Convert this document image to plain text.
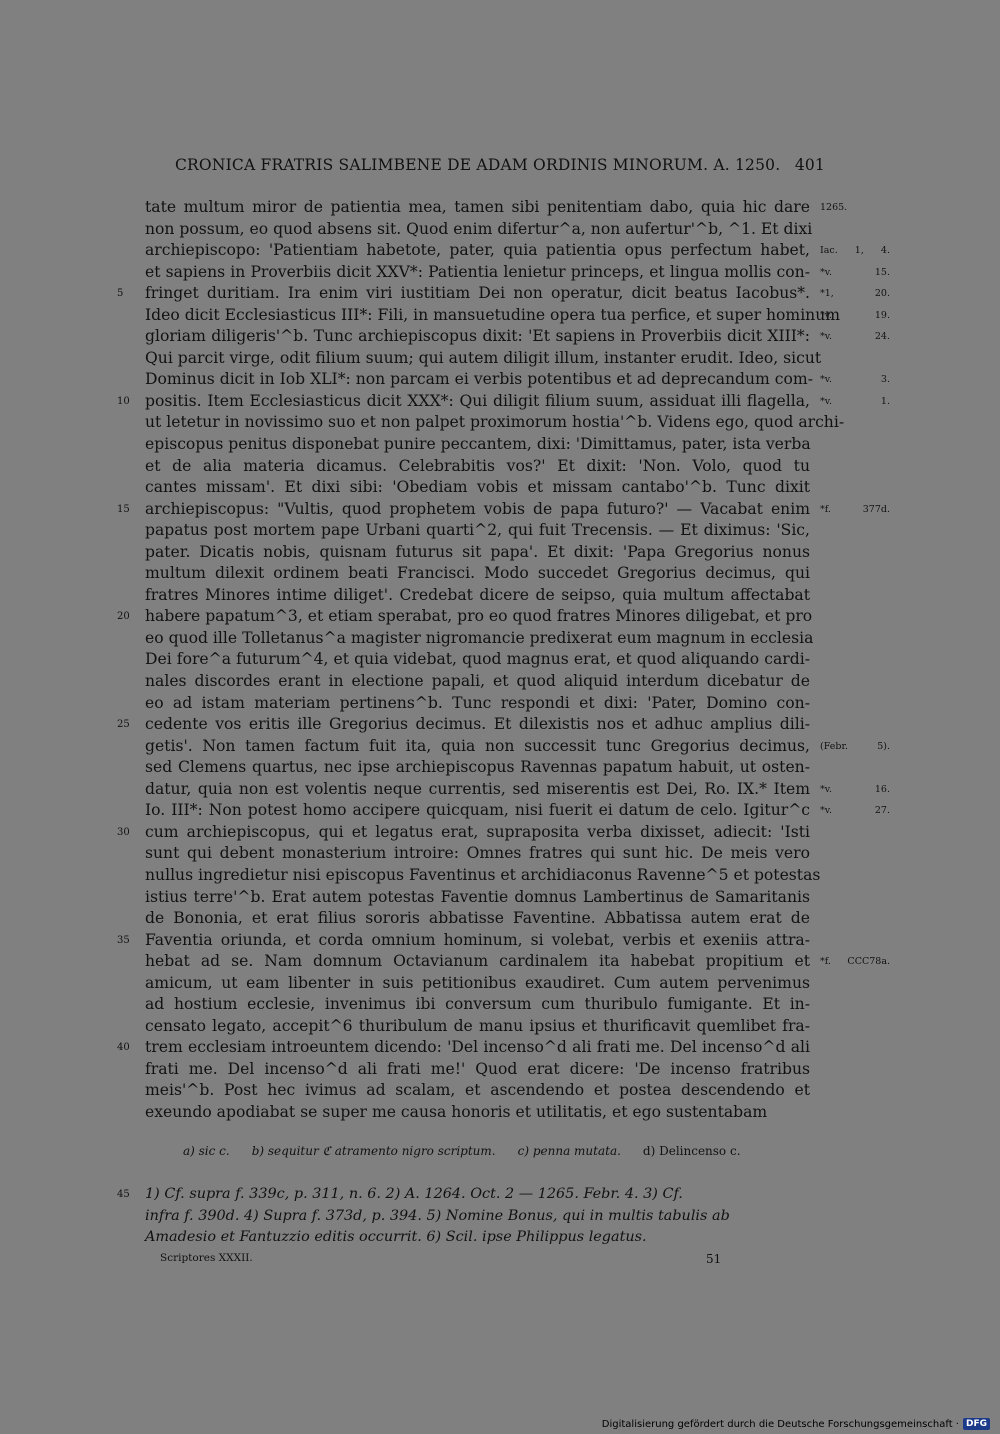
CRONICA FRATRIS SALIMBENE DE ADAM ORDINIS MINORUM. A. 1250. 401
tate multum miror de patientia mea, tamen sibi penitentiam dabo, quia hic dare 1265.
non possum, eo quod absens sit. Quod enim difertur^a, non aufertur'^b, ^1. Et dixi
archiepiscopo: 'Patientiam habetote, pater, quia patientia opus perfectum habet, Iac. 1, 4.
et sapiens in Proverbiis dicit XXV*: Patientia lenietur princeps, et lingua mollis con- *v. 15.
5	fringet duritiam. Ira enim viri iustitiam Dei non operatur, dicit beatus Iacobus*. *1, 20.
Ideo dicit Ecclesiasticus III*: Fili, in mansuetudine opera tua perfice, et super hominum
*v. 19.
gloriam diligeris'^b. Tunc archiepiscopus dixit: 'Et sapiens in Proverbiis dicit XIII*: *v. 24.
Qui parcit virge, odit filium suum; qui autem diligit illum, instanter erudit. Ideo, sicut
Dominus dicit in Iob XLI*: non parcam ei verbis potentibus et ad deprecandum com- *v. 3.
10 positis. Item Ecclesiasticus dicit XXX*: Qui diligit filium suum, assiduat illi flagella, *v. 1.
ut letetur in novissimo suo et non palpet proximorum hostia'^b. Videns ego, quod archi-
episcopus penitus disponebat punire peccantem, dixi: 'Dimittamus, pater, ista verba
et de alia materia dicamus. Celebrabitis vos?' Et dixit: 'Non. Volo, quod tu
cantes missam'. Et dixi sibi: 'Obediam vobis et missam cantabo'^b. Tunc dixit
15 archiepiscopus: "Vultis, quod prophetem vobis de papa futuro?' — Vacabat enim *f. 377d.
papatus post mortem pape Urbani quarti^2, qui fuit Trecensis. — Et diximus: 'Sic,
pater. Dicatis nobis, quisnam futurus sit papa'. Et dixit: 'Papa Gregorius nonus
multum dilexit ordinem beati Francisci. Modo succedet Gregorius decimus, qui
fratres Minores intime diliget'. Credebat dicere de seipso, quia multum affectabat
20 habere papatum^3, et etiam sperabat, pro eo quod fratres Minores diligebat, et pro
eo quod ille Tolletanus^a magister nigromancie predixerat eum magnum in ecclesia
Dei fore^a futurum^4, et quia videbat, quod magnus erat, et quod aliquando cardi-
nales discordes erant in electione papali, et quod aliquid interdum dicebatur de
eo ad istam materiam pertinens^b. Tunc respondi et dixi: 'Pater, Domino con-
25 cedente vos eritis ille Gregorius decimus. Et dilexistis nos et adhuc amplius dili-
getis'. Non tamen factum fuit ita, quia non successit tunc Gregorius decimus, (Febr. 5).
sed Clemens quartus, nec ipse archiepiscopus Ravennas papatum habuit, ut osten-
datur, quia non est volentis neque currentis, sed miserentis est Dei, Ro. IX.* Item *v. 16.
Io. III*: Non potest homo accipere quicquam, nisi fuerit ei datum de celo. Igitur^c *v. 27.
30 cum archiepiscopus, qui et legatus erat, supraposita verba dixisset, adiecit: 'Isti
sunt qui debent monasterium introire: Omnes fratres qui sunt hic. De meis vero
nullus ingredietur nisi episcopus Faventinus et archidiaconus Ravenne^5 et potestas
istius terre'^b. Erat autem potestas Faventie domnus Lambertinus de Samaritanis
de Bononia, et erat filius sororis abbatisse Faventine. Abbatissa autem erat de
35 Faventia oriunda, et corda omnium hominum, si volebat, verbis et exeniis attra-
hebat ad se. Nam domnum Octavianum cardinalem ita habebat propitium et *f. CCC78a.
amicum, ut eam libenter in suis petitionibus exaudiret. Cum autem pervenimus
ad hostium ecclesie, invenimus ibi conversum cum thuribulo fumigante. Et in-
censato legato, accepit^6 thuribulum de manu ipsius et thurificavit quemlibet fra-
40 trem ecclesiam introeuntem dicendo: 'Del incenso^d ali frati me. Del incenso^d ali
frati me. Del incenso^d ali frati me!' Quod erat dicere: 'De incenso fratribus
meis'^b. Post hec ivimus ad scalam, et ascendendo et postea descendendo et
exeundo apodiabat se super me causa honoris et utilitatis, et ego sustentabam
a) sic c. b) sequitur ℭ atramento nigro scriptum. c) penna mutata. d) Delincenso c.
45	1) Cf. supra f. 339c, p. 311, n. 6. 2) A. 1264. Oct. 2 — 1265. Febr. 4. 3) Cf.
infra f. 390d. 4) Supra f. 373d, p. 394. 5) Nomine Bonus, qui in multis tabulis ab
Amadesio et Fantuzzio editis occurrit. 6) Scil. ipse Philippus legatus.
Scriptores XXXII.	51
Digitalisierung gefördert durch die Deutsche Forschungsgemeinschaft · DFG
